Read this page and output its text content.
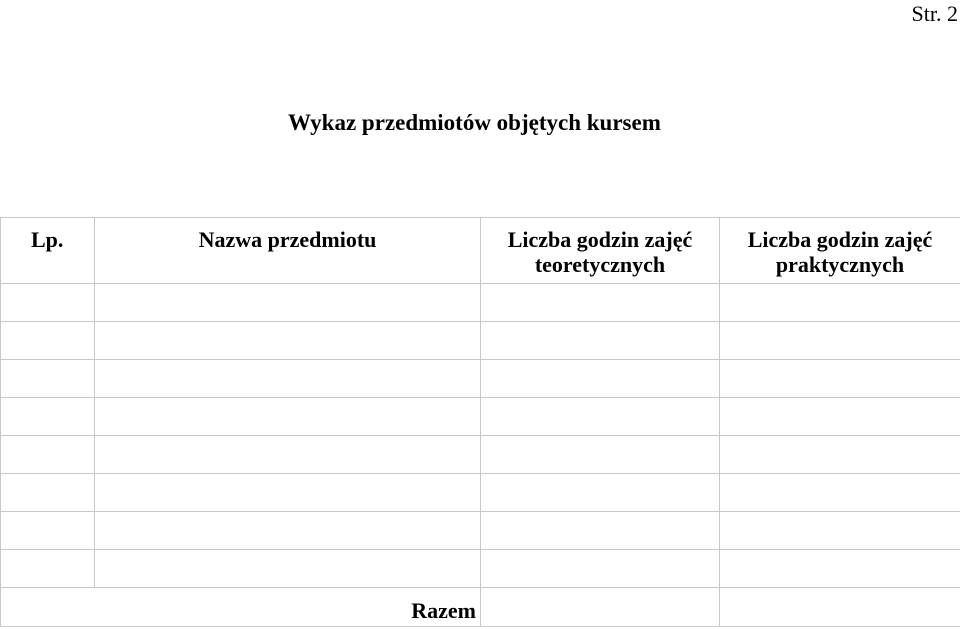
Str. 2
Wykaz przedmiotów objętych kursem
Lp.	Nazwa przedmiotu	Liczba godzin zajęć teoretycznych	Liczba godzin zajęć praktycznych

Razem			
